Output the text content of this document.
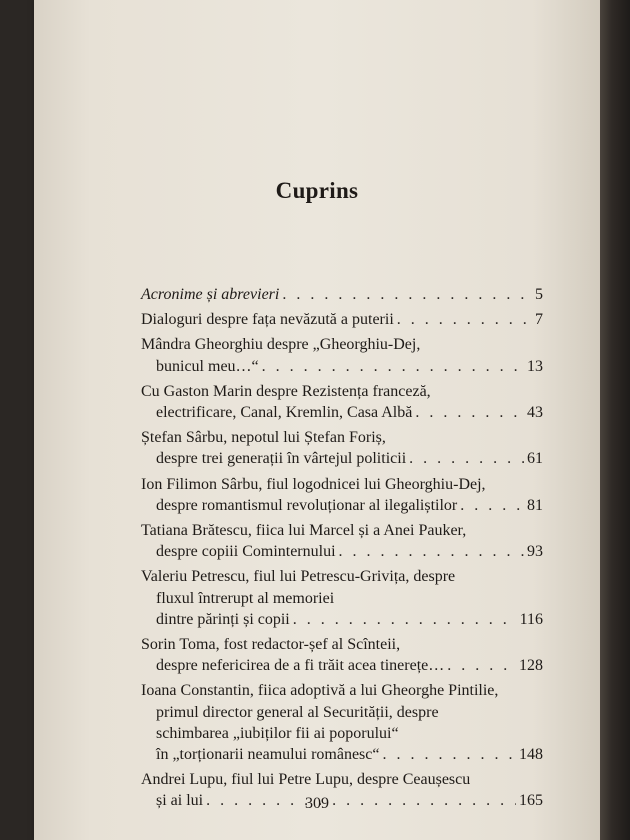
Cuprins
Acronime și abrevieri . . .	5
Dialoguri despre fața nevăzută a puterii . . .	7
Mândra Gheorghiu despre „Gheorghiu-Dej,
bunicul meu…“ . . .	13
Cu Gaston Marin despre Rezistența franceză,
electrificare, Canal, Kremlin, Casa Albă . . .	43
Ștefan Sârbu, nepotul lui Ștefan Foriș,
despre trei generații în vârtejul politicii . . .	61
Ion Filimon Sârbu, fiul logodnicei lui Gheorghiu-Dej,
despre romantismul revoluționar al ilegaliștilor . . .	81
Tatiana Brătescu, fiica lui Marcel și a Anei Pauker,
despre copiii Cominternului . . .	93
Valeriu Petrescu, fiul lui Petrescu-Grivița, despre
fluxul întrerupt al memoriei
dintre părinți și copii . . .	116
Sorin Toma, fost redactor-șef al Scînteii,
despre nefericirea de a fi trăit acea tinerețe… . . .	128
Ioana Constantin, fiica adoptivă a lui Gheorghe Pintilie,
primul director general al Securității, despre
schimbarea „iubiților fii ai poporului“
în „torționarii neamului românesc“ . . .	148
Andrei Lupu, fiul lui Petre Lupu, despre Ceaușescu
și ai lui . . .	165
309
